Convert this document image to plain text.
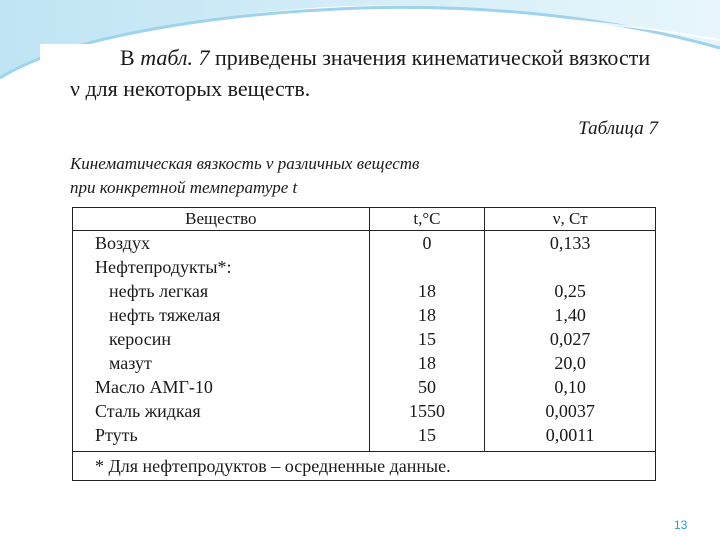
В табл. 7 приведены значения кинематической вязкости
ν для некоторых веществ.
Таблица 7
Кинематическая вязкость ν различных веществ
при конкретной температуре t
Вещество	t,°C	ν, Ст
Воздух	0	0,133
Нефтепродукты*:		
нефть легкая	18	0,25
нефть тяжелая	18	1,40
керосин	15	0,027
мазут	18	20,0
Масло АМГ-10	50	0,10
Сталь жидкая	1550	0,0037
Ртуть	15	0,0011
* Для нефтепродуктов – осредненные данные.		
13
